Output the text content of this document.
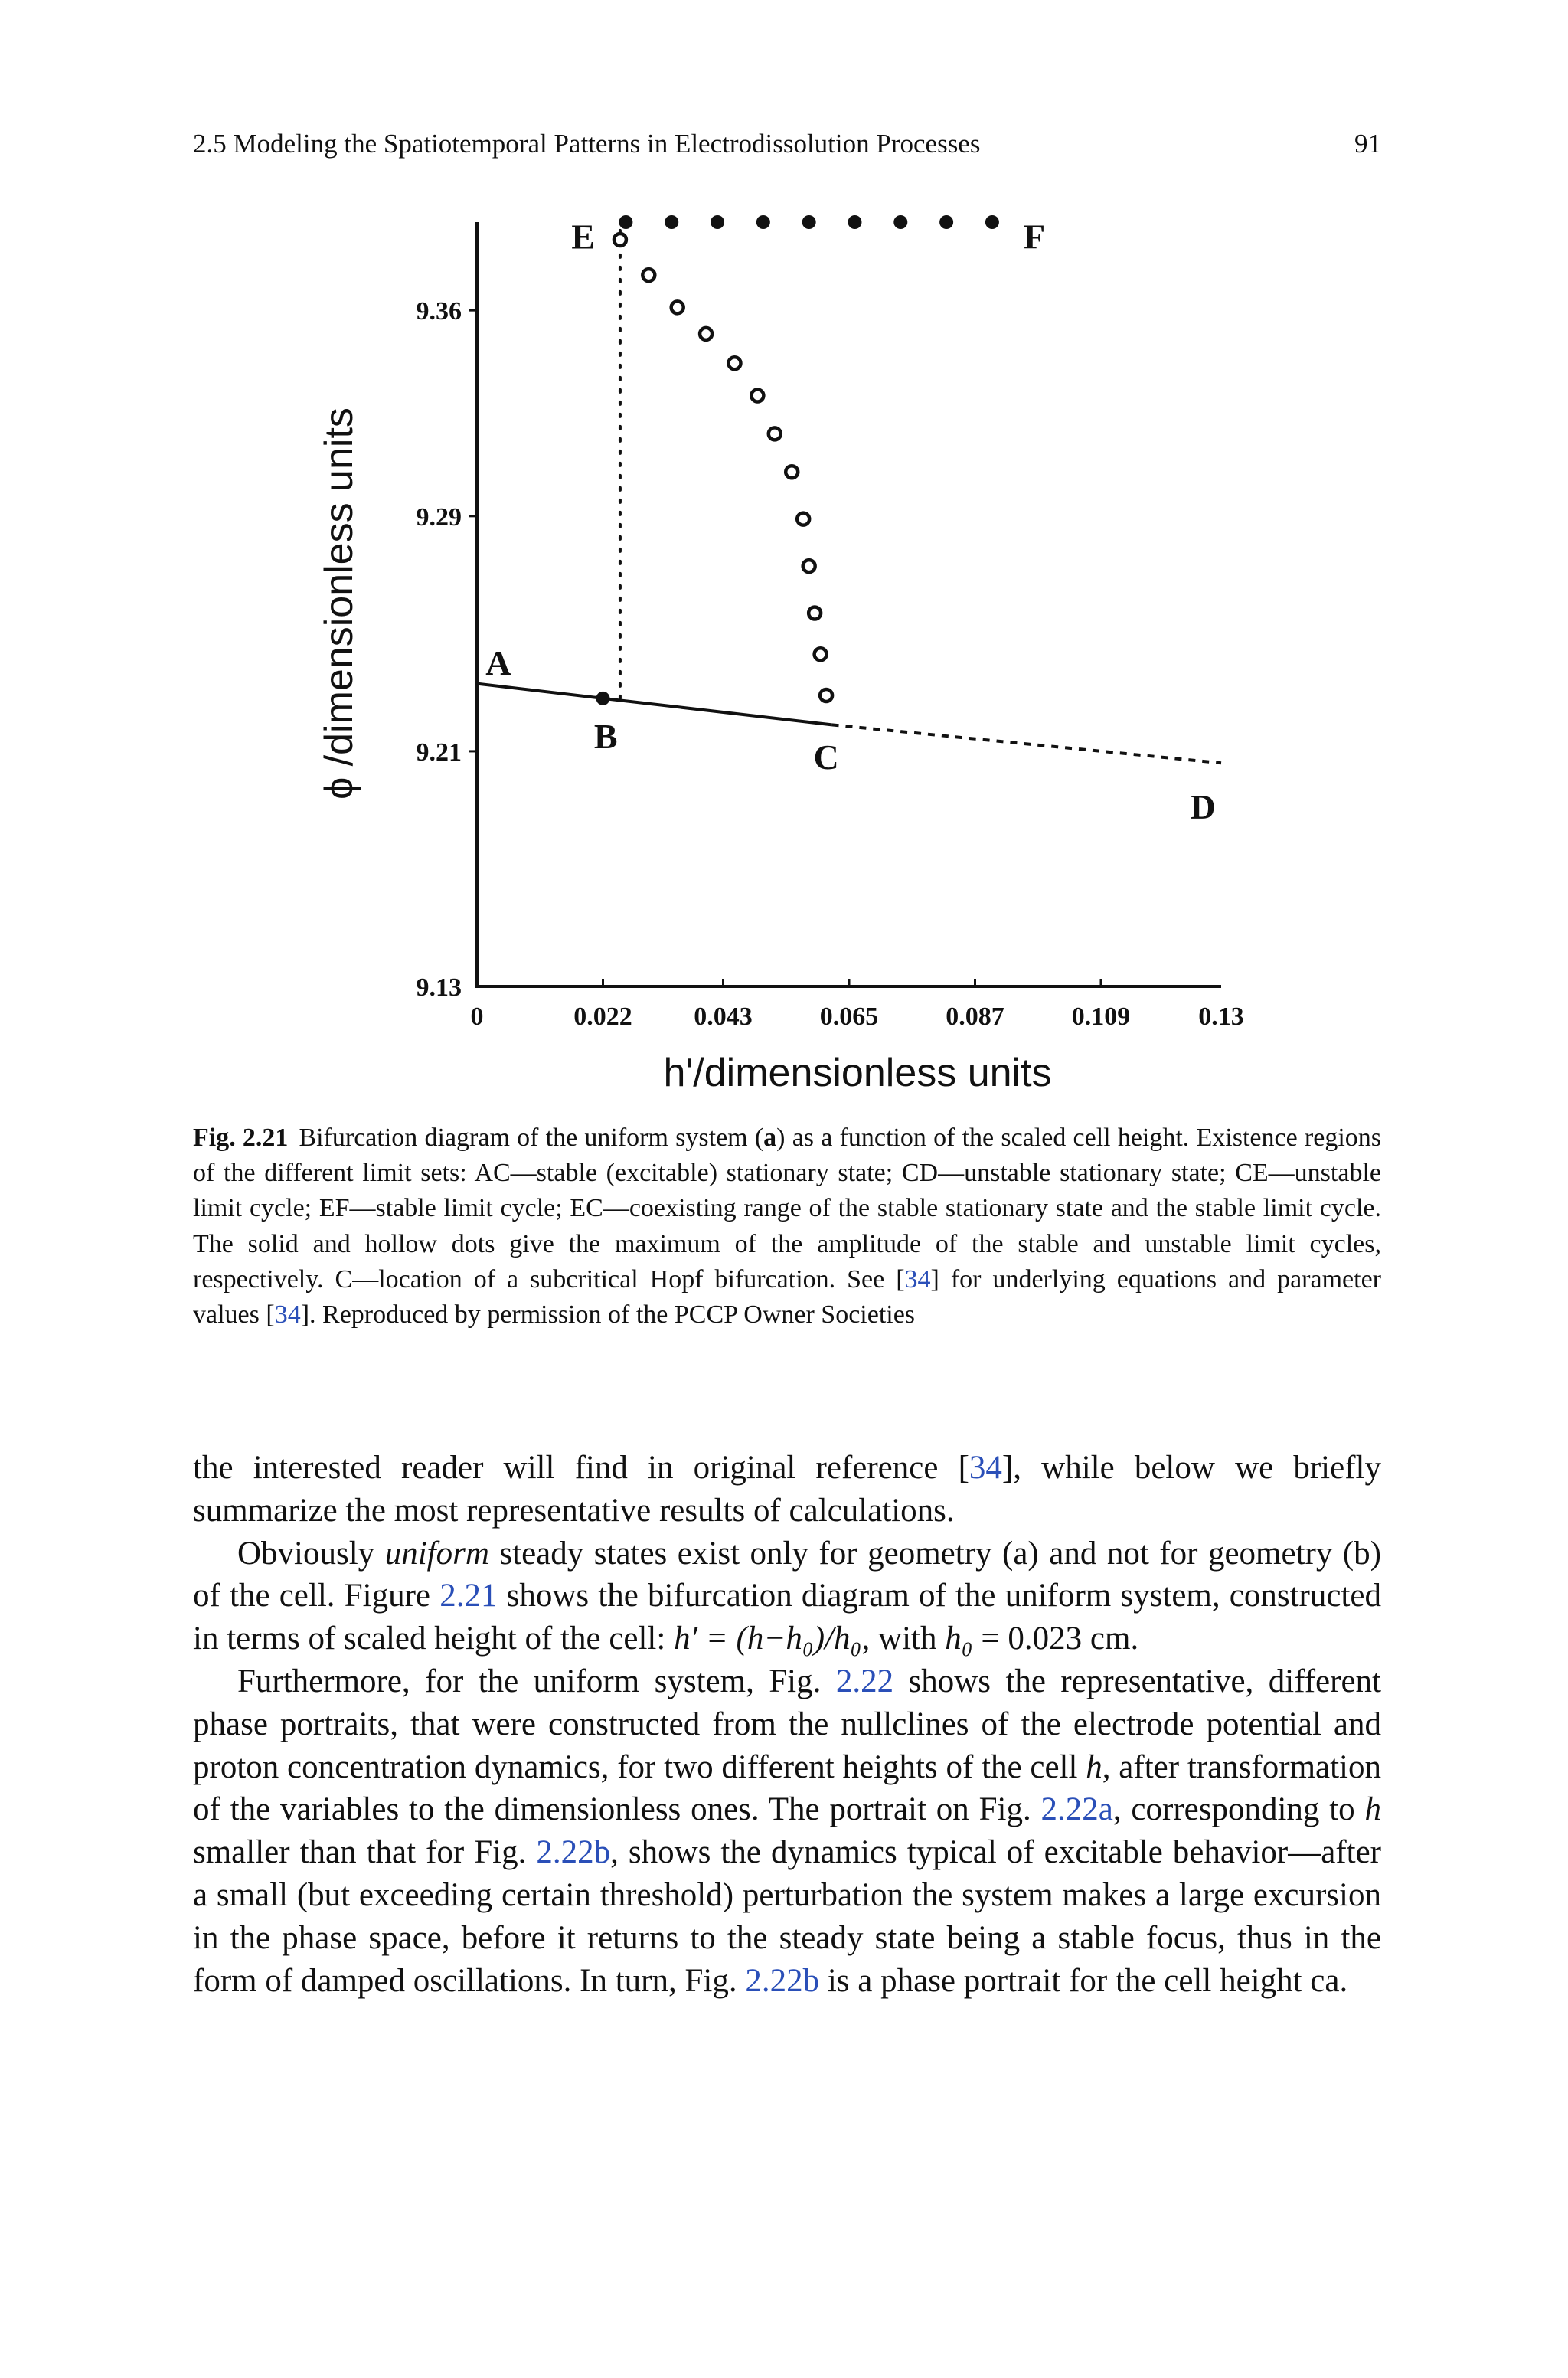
2.5 Modeling the Spatiotemporal Patterns in Electrodissolution Processes	91
9.13
9.21
9.29
9.36
0	0.022 0.043	0.065	0.087	0.109	0.13
A
B
C
D
E	F
ϕ /dimensionless units
h'/dimensionless units
Fig. 2.21 Bifurcation diagram of the uniform system (a) as a function of the scaled cell height. Existence regions of the different limit sets: AC—stable (excitable) stationary state; CD—unstable stationary state; CE—unstable limit cycle; EF—stable limit cycle; EC—coexisting range of the stable stationary state and the stable limit cycle. The solid and hollow dots give the maximum of the amplitude of the stable and unstable limit cycles, respectively. C—location of a subcritical Hopf bifurcation. See [34] for underlying equations and parameter values [34]. Reproduced by permission of the PCCP Owner Societies

the interested reader will find in original reference [34], while below we briefly summarize the most representative results of calculations.

Obviously uniform steady states exist only for geometry (a) and not for geometry (b) of the cell. Figure 2.21 shows the bifurcation diagram of the uniform system, constructed in terms of scaled height of the cell: h′ = (h−h₀)/h₀, with h₀ = 0.023 cm.

Furthermore, for the uniform system, Fig. 2.22 shows the representative, different phase portraits, that were constructed from the nullclines of the electrode potential and proton concentration dynamics, for two different heights of the cell h, after transformation of the variables to the dimensionless ones. The portrait on Fig. 2.22a, corresponding to h smaller than that for Fig. 2.22b, shows the dynamics typical of excitable behavior—after a small (but exceeding certain threshold) perturbation the system makes a large excursion in the phase space, before it returns to the steady state being a stable focus, thus in the form of damped oscillations. In turn, Fig. 2.22b is a phase portrait for the cell height ca.
